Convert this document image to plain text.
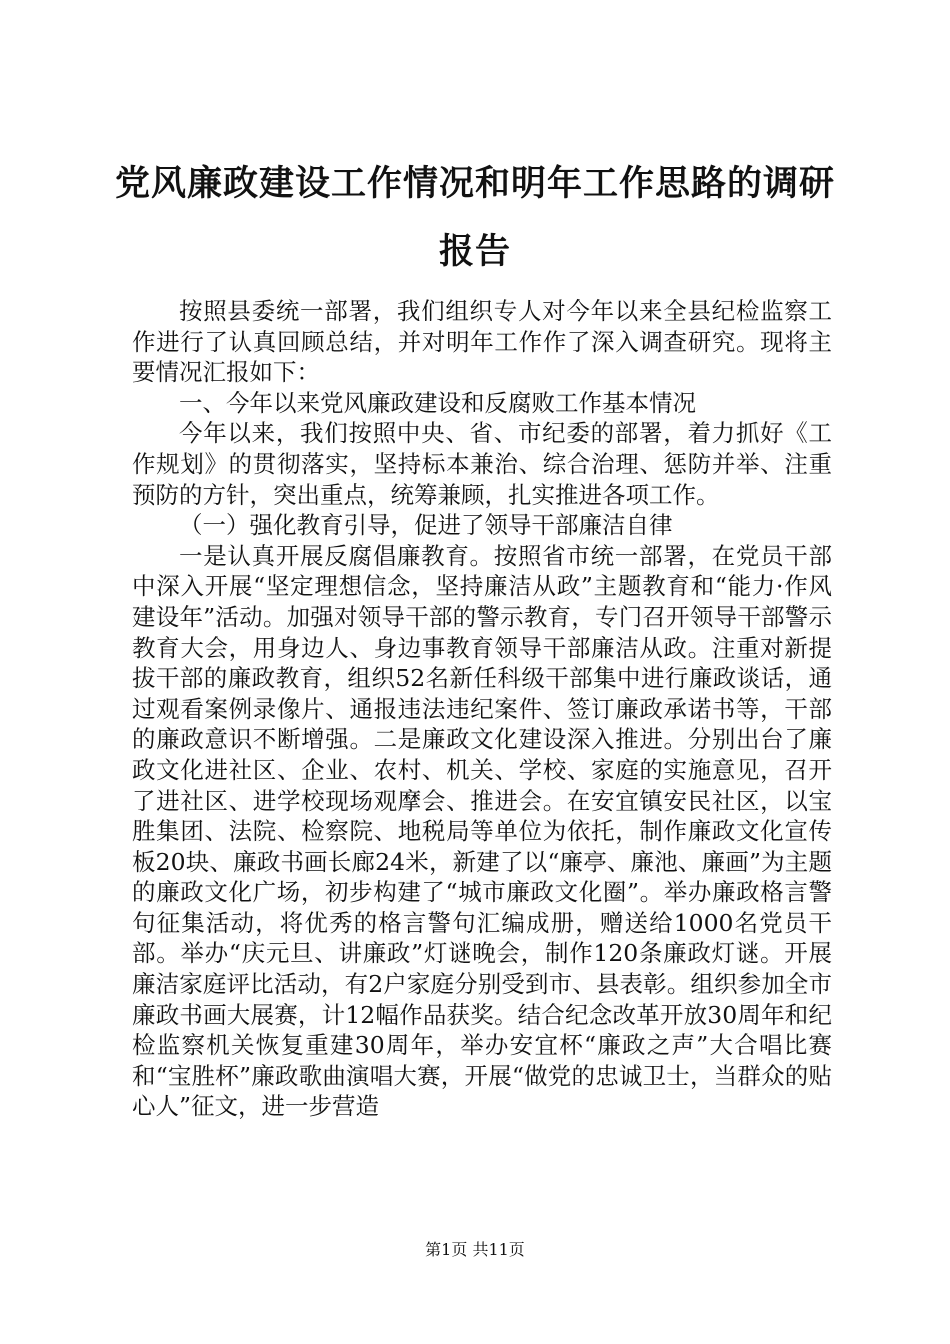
党风廉政建设工作情况和明年工作思路的调研报告

按照县委统一部署，我们组织专人对今年以来全县纪检监察工作进行了认真回顾总结，并对明年工作作了深入调查研究。现将主要情况汇报如下：

一、今年以来党风廉政建设和反腐败工作基本情况

今年以来，我们按照中央、省、市纪委的部署，着力抓好《工作规划》的贯彻落实，坚持标本兼治、综合治理、惩防并举、注重预防的方针，突出重点，统筹兼顾，扎实推进各项工作。

（一）强化教育引导，促进了领导干部廉洁自律

一是认真开展反腐倡廉教育。按照省市统一部署，在党员干部中深入开展“坚定理想信念，坚持廉洁从政”主题教育和“能力·作风建设年”活动。加强对领导干部的警示教育，专门召开领导干部警示教育大会，用身边人、身边事教育领导干部廉洁从政。注重对新提拔干部的廉政教育，组织52名新任科级干部集中进行廉政谈话，通过观看案例录像片、通报违法违纪案件、签订廉政承诺书等，干部的廉政意识不断增强。二是廉政文化建设深入推进。分别出台了廉政文化进社区、企业、农村、机关、学校、家庭的实施意见，召开了进社区、进学校现场观摩会、推进会。在安宜镇安民社区，以宝胜集团、法院、检察院、地税局等单位为依托，制作廉政文化宣传板20块、廉政书画长廊24米，新建了以“廉亭、廉池、廉画”为主题的廉政文化广场，初步构建了“城市廉政文化圈”。举办廉政格言警句征集活动，将优秀的格言警句汇编成册，赠送给1000名党员干部。举办“庆元旦、讲廉政”灯谜晚会，制作120条廉政灯谜。开展廉洁家庭评比活动，有2户家庭分别受到市、县表彰。组织参加全市廉政书画大展赛，计12幅作品获奖。结合纪念改革开放30周年和纪检监察机关恢复重建30周年，举办安宜杯“廉政之声”大合唱比赛和“宝胜杯”廉政歌曲演唱大赛，开展“做党的忠诚卫士，当群众的贴心人”征文，进一步营造

第1页 共11页
